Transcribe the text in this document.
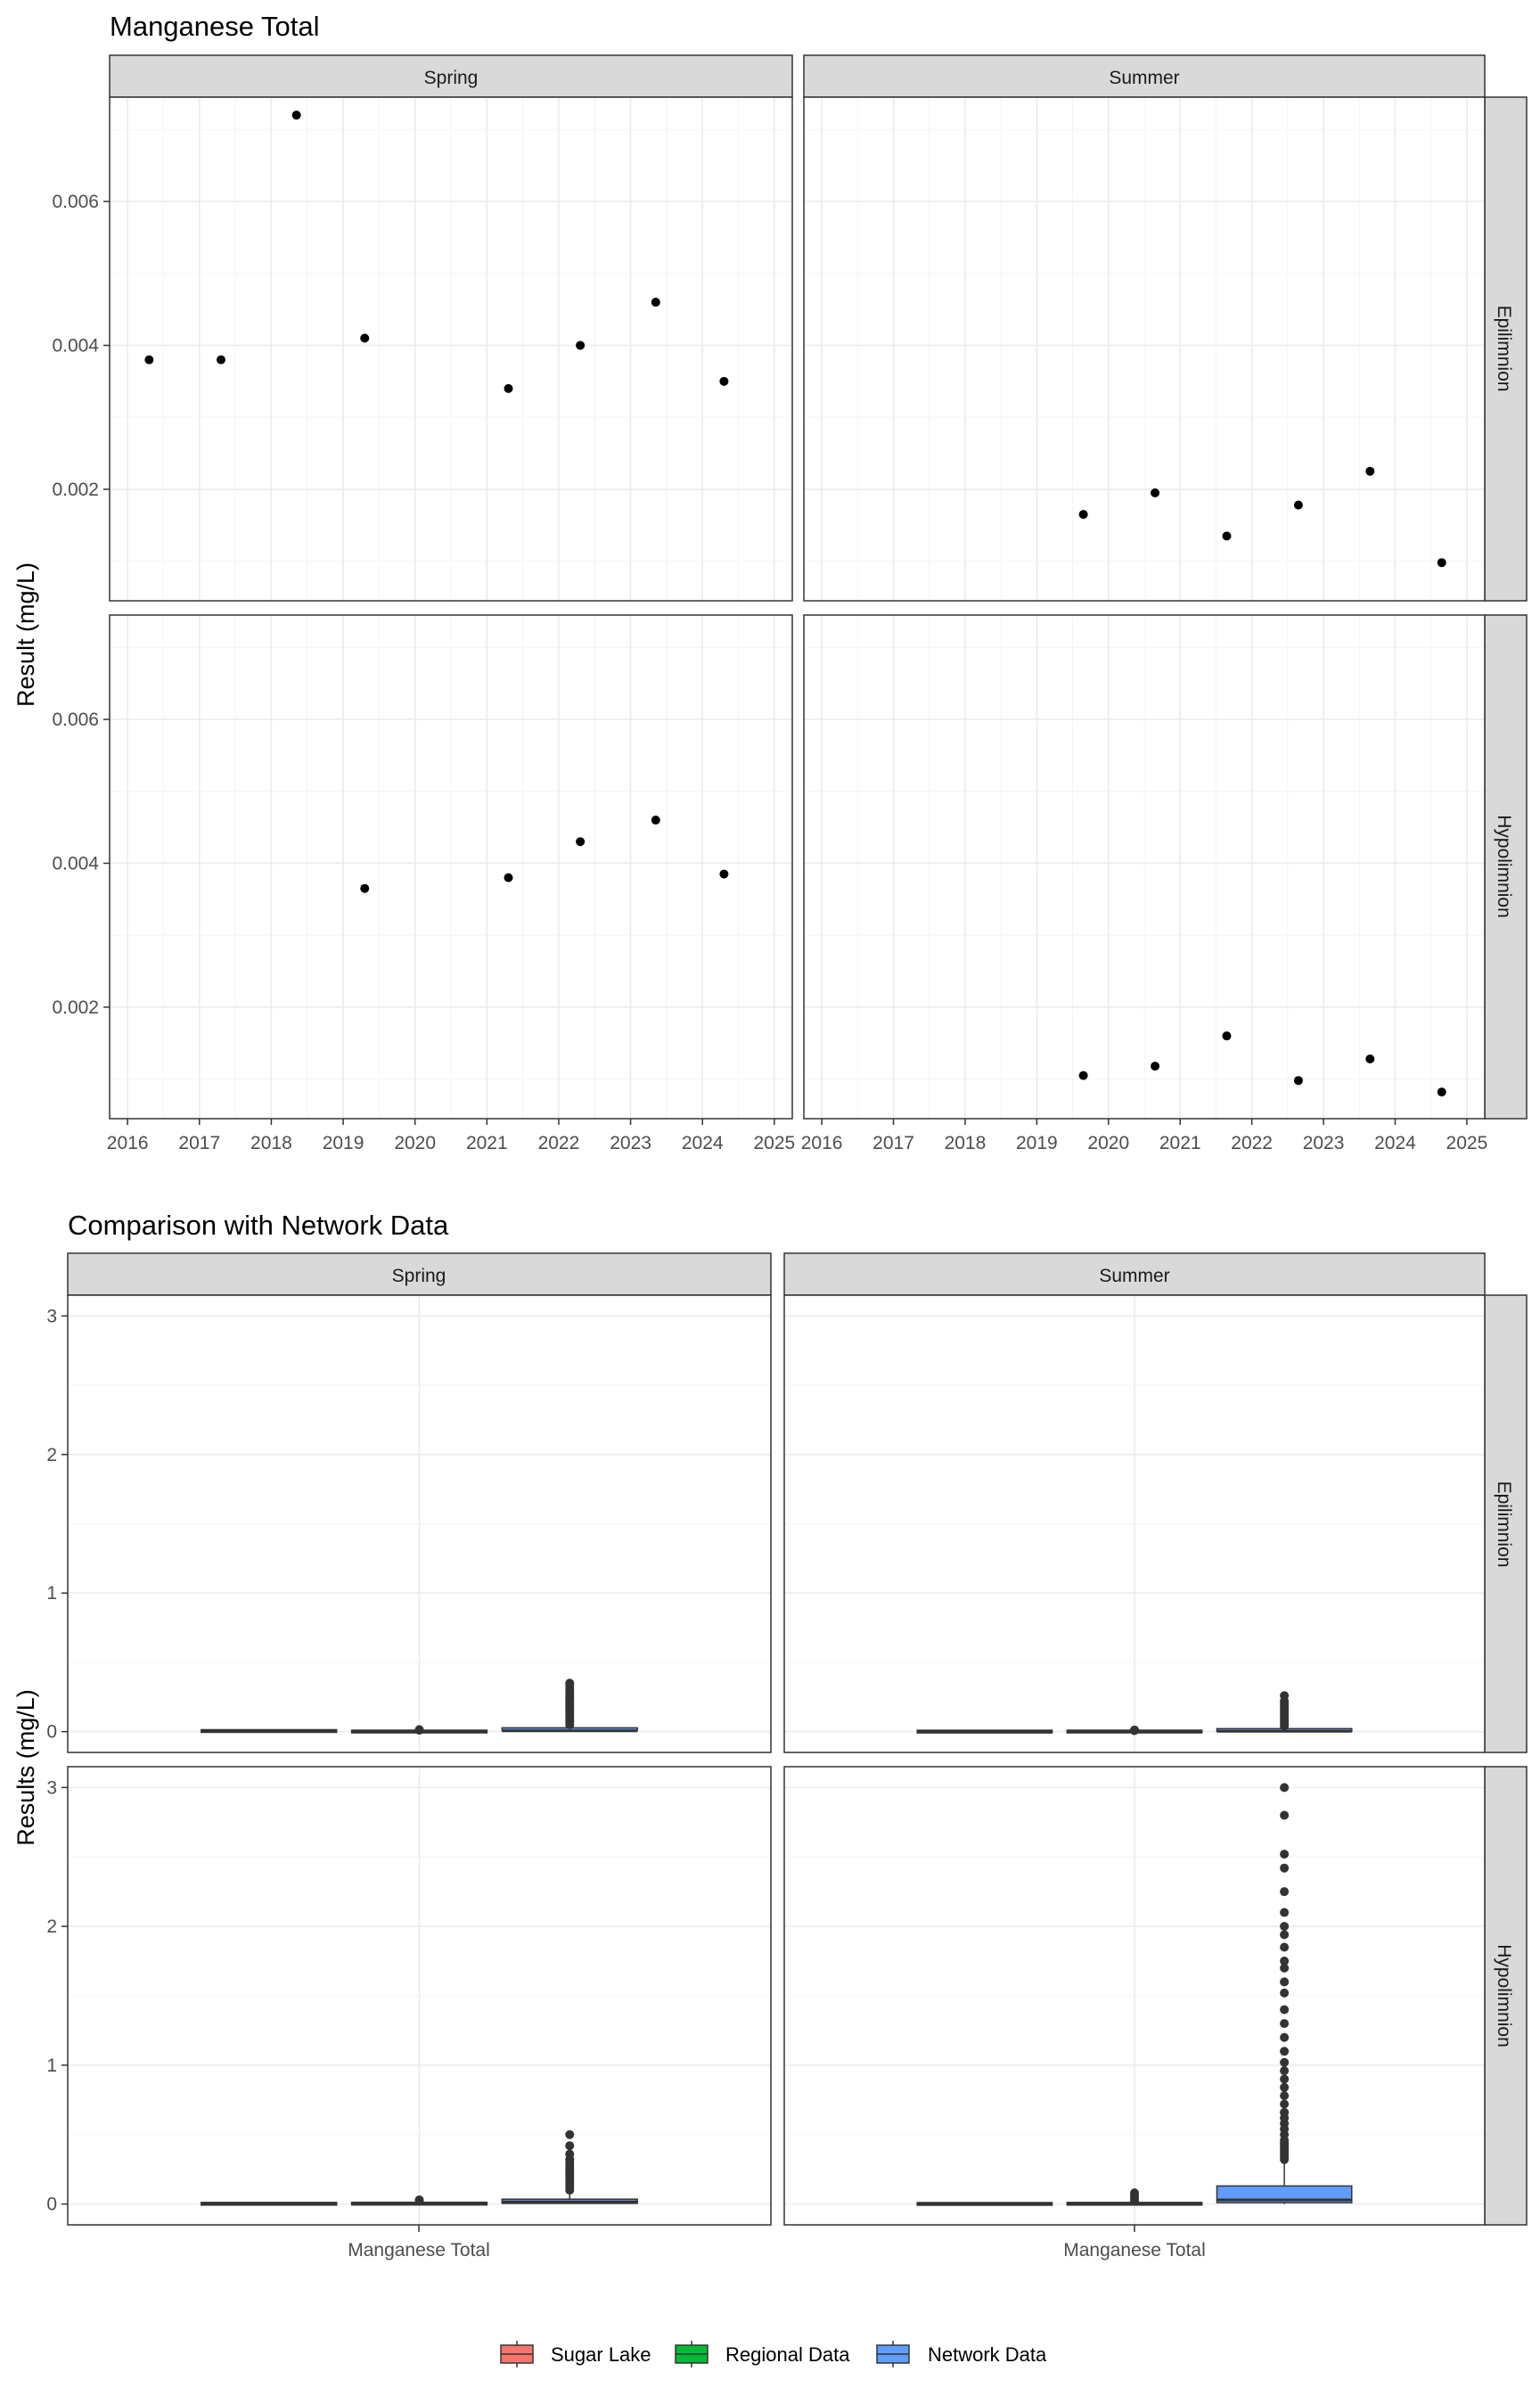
Manganese Total
Result (mg/L)
Spring	Summer
Epilimnion
Hypolimnion
0.002
0.004
0.006
0.002
0.004
0.006
2016 2017 2018 2019 2020 2021 2022 2023 2024 2025 2016 2017 2018 2019 2020 2021 2022 2023 2024 2025
Comparison with Network Data
Results (mg/L)
Spring	Summer
Epilimnion
Hypolimnion
0
1
2
3
0
1
2
3
Manganese Total	Manganese Total
Sugar Lake	Regional Data	Network Data
